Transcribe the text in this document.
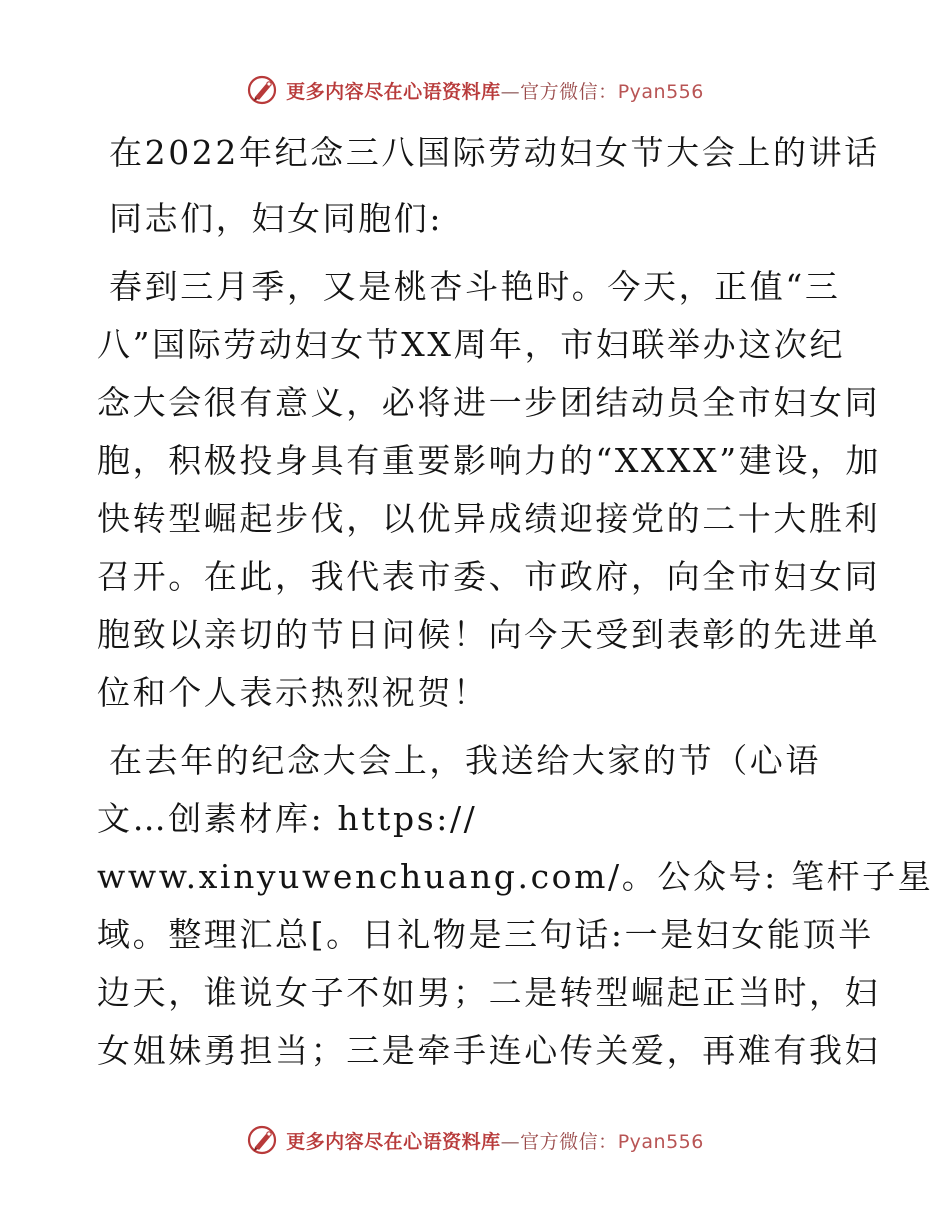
更多内容尽在心语资料库—官方微信：Pyan556
在2022年纪念三八国际劳动妇女节大会上的讲话
同志们，妇女同胞们:
春到三月季，又是桃杏斗艳时。今天，正值“三
八”国际劳动妇女节XX周年，市妇联举办这次纪
念大会很有意义，必将进一步团结动员全市妇女同
胞，积极投身具有重要影响力的“XXXX”建设，加
快转型崛起步伐，以优异成绩迎接党的二十大胜利
召开。在此，我代表市委、市政府，向全市妇女同
胞致以亲切的节日问候！向今天受到表彰的先进单
位和个人表示热烈祝贺！
在去年的纪念大会上，我送给大家的节（心语
文…创素材库: https://
www.xinyuwenchuang.com/。公众号: 笔杆子星
域。整理汇总[。日礼物是三句话:一是妇女能顶半
边天，谁说女子不如男；二是转型崛起正当时，妇
女姐妹勇担当；三是牵手连心传关爱，再难有我妇
更多内容尽在心语资料库—官方微信：Pyan556
